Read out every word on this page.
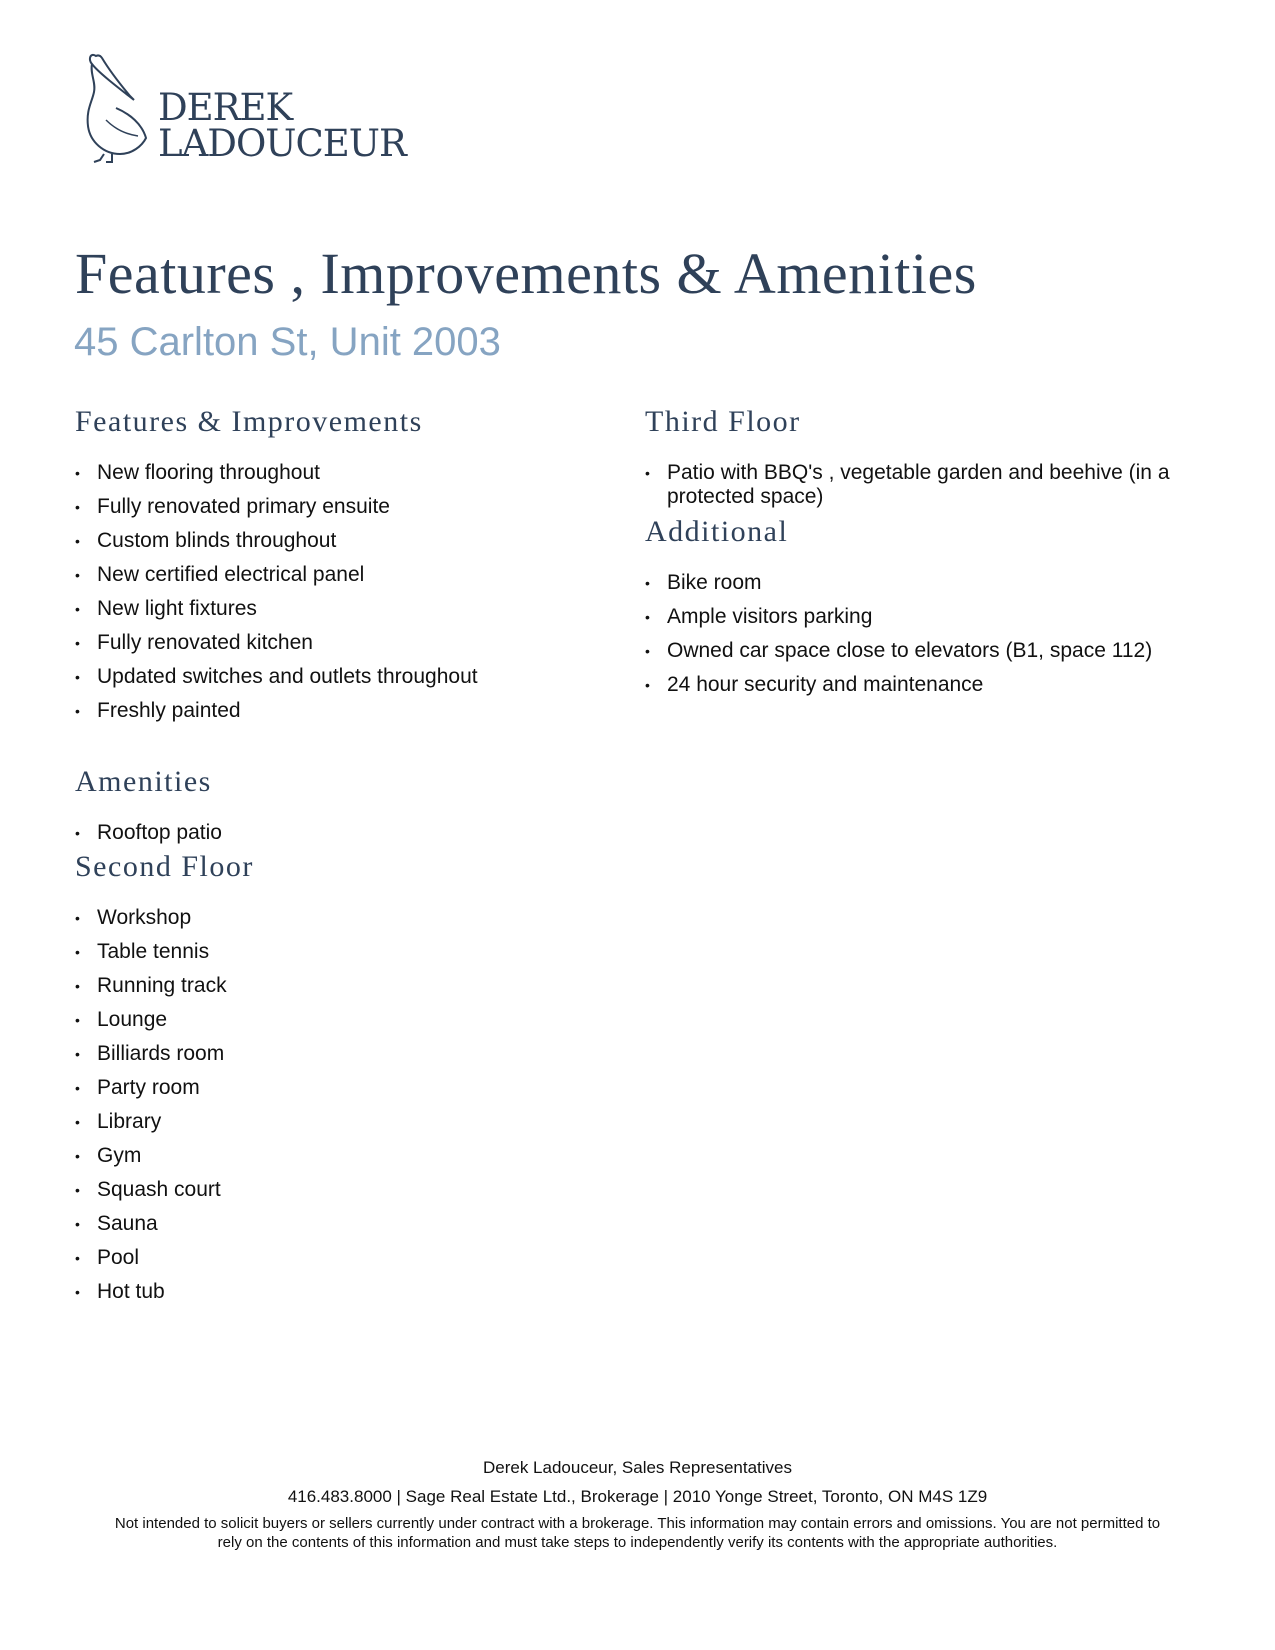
DEREK
LADOUCEUR
Features , Improvements & Amenities
45 Carlton St, Unit 2003
Features & Improvements
• New flooring throughout
• Fully renovated primary ensuite
• Custom blinds throughout
• New certified electrical panel
• New light fixtures
• Fully renovated kitchen
• Updated switches and outlets throughout
• Freshly painted
Amenities
• Rooftop patio
Second Floor
• Workshop
• Table tennis
• Running track
• Lounge
• Billiards room
• Party room
• Library
• Gym
• Squash court
• Sauna
• Pool
• Hot tub
Third Floor
• Patio with BBQ's , vegetable garden and beehive (in a protected space)
Additional
• Bike room
• Ample visitors parking
• Owned car space close to elevators (B1, space 112)
• 24 hour security and maintenance
Derek Ladouceur, Sales Representatives
416.483.8000 | Sage Real Estate Ltd., Brokerage | 2010 Yonge Street, Toronto, ON M4S 1Z9
Not intended to solicit buyers or sellers currently under contract with a brokerage. This information may contain errors and omissions. You are not permitted to rely on the contents of this information and must take steps to independently verify its contents with the appropriate authorities.
